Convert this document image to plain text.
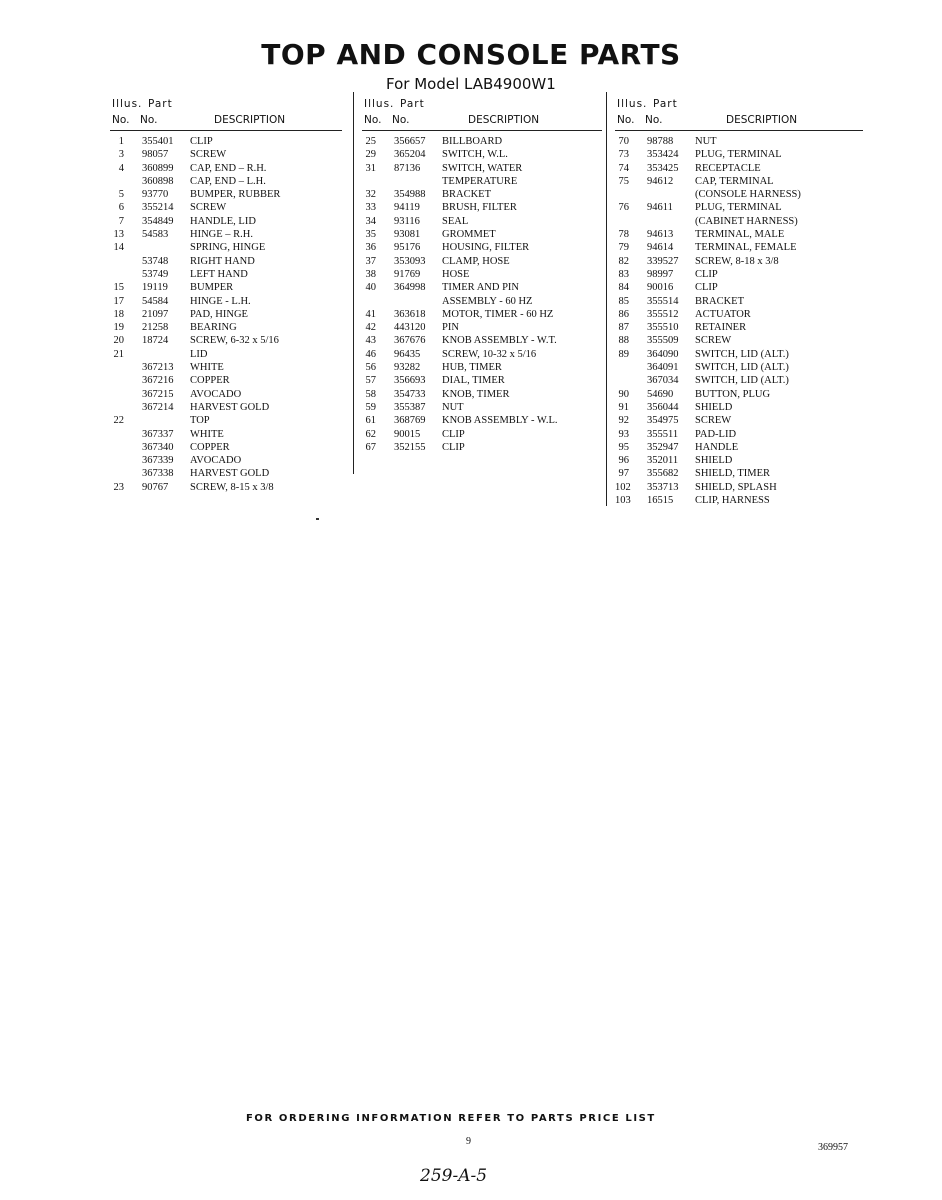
TOP AND CONSOLE PARTS

For Model LAB4900W1

Illus. Part
No. No.	DESCRIPTION
1 355401 CLIP
3 98057 SCREW
4 360899 CAP, END – R.H.
360898 CAP, END – L.H.
5 93770 BUMPER, RUBBER
6 355214 SCREW
7 354849 HANDLE, LID
13 54583 HINGE – R.H.
14	SPRING, HINGE
53748 RIGHT HAND
53749 LEFT HAND
15 19119 BUMPER
17 54584 HINGE - L.H.
18 21097 PAD, HINGE
19 21258 BEARING
20 18724 SCREW, 6-32 x 5/16
21	LID
367213 WHITE
367216 COPPER
367215 AVOCADO
367214 HARVEST GOLD
22	TOP
367337 WHITE
367340 COPPER
367339 AVOCADO
367338 HARVEST GOLD
23 90767 SCREW, 8-15 x 3/8
Illus. Part
No. No.	DESCRIPTION
25 356657 BILLBOARD
29 365204 SWITCH, W.L.
31 87136 SWITCH, WATER
TEMPERATURE
32 354988 BRACKET
33 94119 BRUSH, FILTER
34 93116 SEAL
35 93081 GROMMET
36 95176 HOUSING, FILTER
37 353093 CLAMP, HOSE
38 91769 HOSE
40 364998 TIMER AND PIN
ASSEMBLY - 60 HZ
41 363618 MOTOR, TIMER - 60 HZ
42 443120 PIN
43 367676 KNOB ASSEMBLY - W.T.
46 96435 SCREW, 10-32 x 5/16
56 93282 HUB, TIMER
57 356693 DIAL, TIMER
58 354733 KNOB, TIMER
59 355387 NUT
61 368769 KNOB ASSEMBLY - W.L.
62 90015 CLIP
67 352155 CLIP
Illus. Part
No. No.	DESCRIPTION
70 98788 NUT
73 353424 PLUG, TERMINAL
74 353425 RECEPTACLE
75 94612 CAP, TERMINAL
(CONSOLE HARNESS)
76 94611 PLUG, TERMINAL
(CABINET HARNESS)
78 94613 TERMINAL, MALE
79 94614 TERMINAL, FEMALE
82 339527 SCREW, 8-18 x 3/8
83 98997 CLIP
84 90016 CLIP
85 355514 BRACKET
86 355512 ACTUATOR
87 355510 RETAINER
88 355509 SCREW
89 364090 SWITCH, LID (ALT.)
364091 SWITCH, LID (ALT.)
367034 SWITCH, LID (ALT.)
90 54690 BUTTON, PLUG
91 356044 SHIELD
92 354975 SCREW
93 355511 PAD-LID
95 352947 HANDLE
96 352011 SHIELD
97 355682 SHIELD, TIMER
102 353713 SHIELD, SPLASH
103 16515 CLIP, HARNESS

FOR ORDERING INFORMATION REFER TO PARTS PRICE LIST

9
369957
259-A-5
